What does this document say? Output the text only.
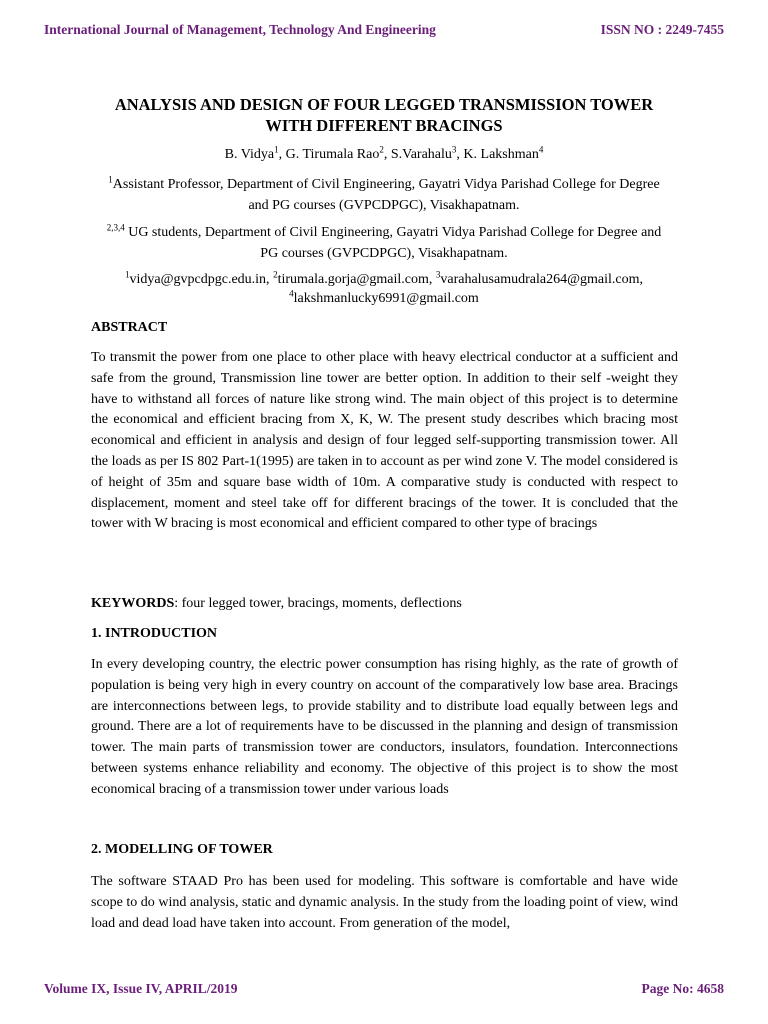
International Journal of Management, Technology And Engineering	ISSN NO : 2249-7455
ANALYSIS AND DESIGN OF FOUR LEGGED TRANSMISSION TOWER
WITH DIFFERENT BRACINGS
B. Vidya$^1$, G. Tirumala Rao$^2$, S.Varahalu$^3$, K. Lakshman$^4$
$^1$Assistant Professor, Department of Civil Engineering, Gayatri Vidya Parishad College for Degree and PG courses (GVPCDPGC), Visakhapatnam.
$^{2,3,4}$ UG students, Department of Civil Engineering, Gayatri Vidya Parishad College for Degree and PG courses (GVPCDPGC), Visakhapatnam.
$^1$vidya@gvpcdpgc.edu.in, $^2$tirumala.gorja@gmail.com, $^3$varahalusamudrala264@gmail.com,
$^4$lakshmanlucky6991@gmail.com
ABSTRACT
To transmit the power from one place to other place with heavy electrical conductor at a sufficient and safe from the ground, Transmission line tower are better option. In addition to their self -weight they have to withstand all forces of nature like strong wind. The main object of this project is to determine the economical and efficient bracing from X, K, W. The present study describes which bracing most economical and efficient in analysis and design of four legged self-supporting transmission tower. All the loads as per IS 802 Part-1(1995) are taken in to account as per wind zone V. The model considered is of height of 35m and square base width of 10m. A comparative study is conducted with respect to displacement, moment and steel take off for different bracings of the tower. It is concluded that the tower with W bracing is most economical and efficient compared to other type of bracings
KEYWORDS: four legged tower, bracings, moments, deflections
1. INTRODUCTION
In every developing country, the electric power consumption has rising highly, as the rate of growth of population is being very high in every country on account of the comparatively low base area. Bracings are interconnections between legs, to provide stability and to distribute load equally between legs and ground. There are a lot of requirements have to be discussed in the planning and design of transmission tower. The main parts of transmission tower are conductors, insulators, foundation. Interconnections between systems enhance reliability and economy. The objective of this project is to show the most economical bracing of a transmission tower under various loads
2. MODELLING OF TOWER
The software STAAD Pro has been used for modeling. This software is comfortable and have wide scope to do wind analysis, static and dynamic analysis. In the study from the loading point of view, wind load and dead load have taken into account. From generation of the model,
Volume IX, Issue IV, APRIL/2019	Page No: 4658
